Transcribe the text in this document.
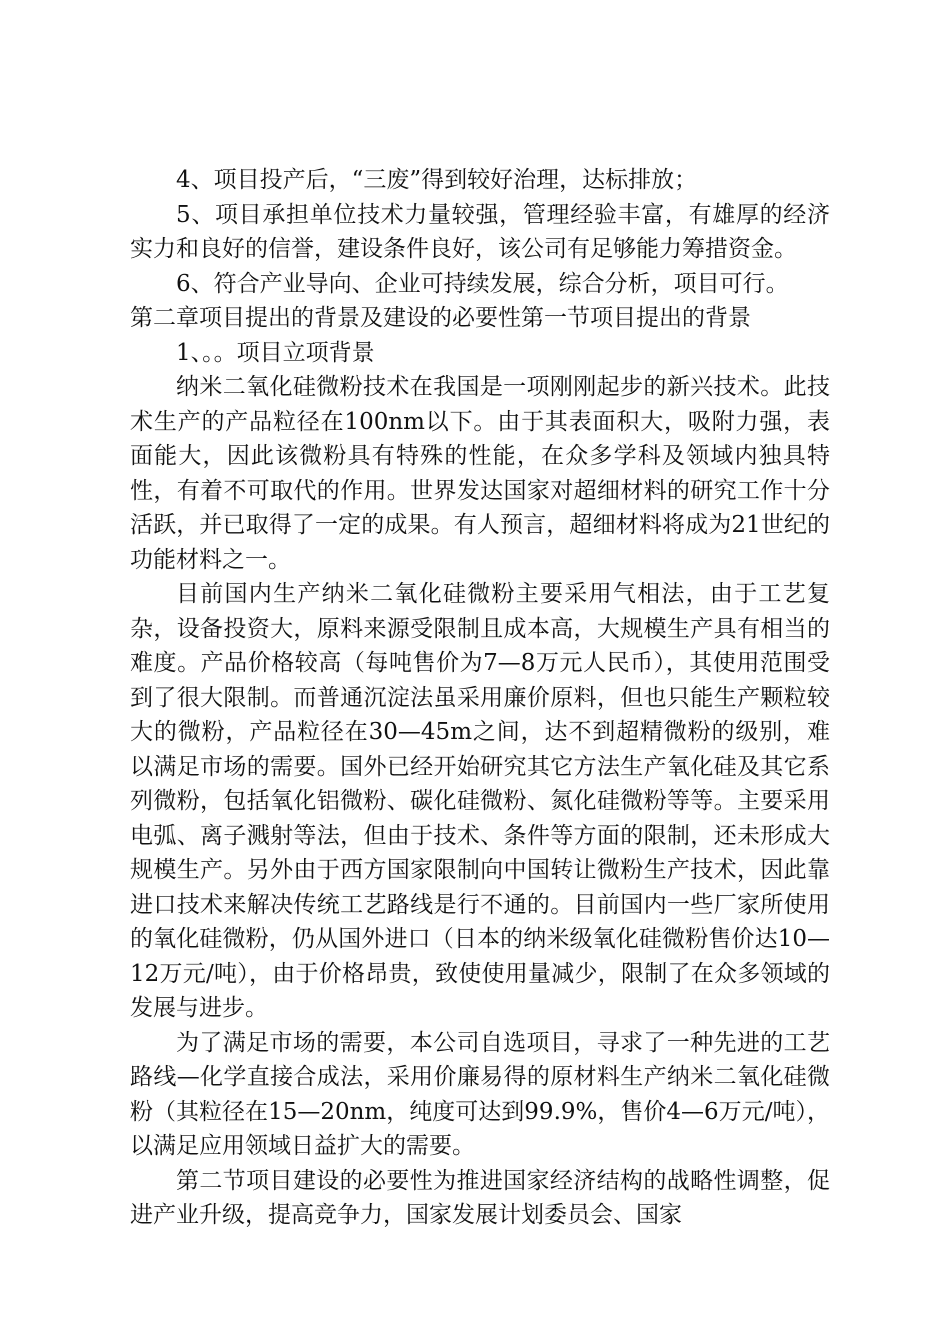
4、项目投产后，“三废”得到较好治理，达标排放；

5、项目承担单位技术力量较强，管理经验丰富，有雄厚的经济实力和良好的信誉，建设条件良好，该公司有足够能力筹措资金。

6、符合产业导向、企业可持续发展，综合分析，项目可行。

第二章项目提出的背景及建设的必要性第一节项目提出的背景

1、。。项目立项背景

纳米二氧化硅微粉技术在我国是一项刚刚起步的新兴技术。此技术生产的产品粒径在100nm以下。由于其表面积大，吸附力强，表面能大，因此该微粉具有特殊的性能，在众多学科及领域内独具特性，有着不可取代的作用。世界发达国家对超细材料的研究工作十分活跃，并已取得了一定的成果。有人预言，超细材料将成为21世纪的功能材料之一。

目前国内生产纳米二氧化硅微粉主要采用气相法，由于工艺复杂，设备投资大，原料来源受限制且成本高，大规模生产具有相当的难度。产品价格较高（每吨售价为7—8万元人民币），其使用范围受到了很大限制。而普通沉淀法虽采用廉价原料，但也只能生产颗粒较大的微粉，产品粒径在30—45m之间，达不到超精微粉的级别，难以满足市场的需要。国外已经开始研究其它方法生产氧化硅及其它系列微粉，包括氧化铝微粉、碳化硅微粉、氮化硅微粉等等。主要采用电弧、离子溅射等法，但由于技术、条件等方面的限制，还未形成大规模生产。另外由于西方国家限制向中国转让微粉生产技术，因此靠进口技术来解决传统工艺路线是行不通的。目前国内一些厂家所使用的氧化硅微粉，仍从国外进口（日本的纳米级氧化硅微粉售价达10—12万元/吨），由于价格昂贵，致使使用量减少，限制了在众多领域的发展与进步。

为了满足市场的需要，本公司自选项目，寻求了一种先进的工艺路线—化学直接合成法，采用价廉易得的原材料生产纳米二氧化硅微粉（其粒径在15—20nm，纯度可达到99.9%，售价4—6万元/吨），以满足应用领域日益扩大的需要。

第二节项目建设的必要性为推进国家经济结构的战略性调整，促进产业升级，提高竞争力，国家发展计划委员会、国家
